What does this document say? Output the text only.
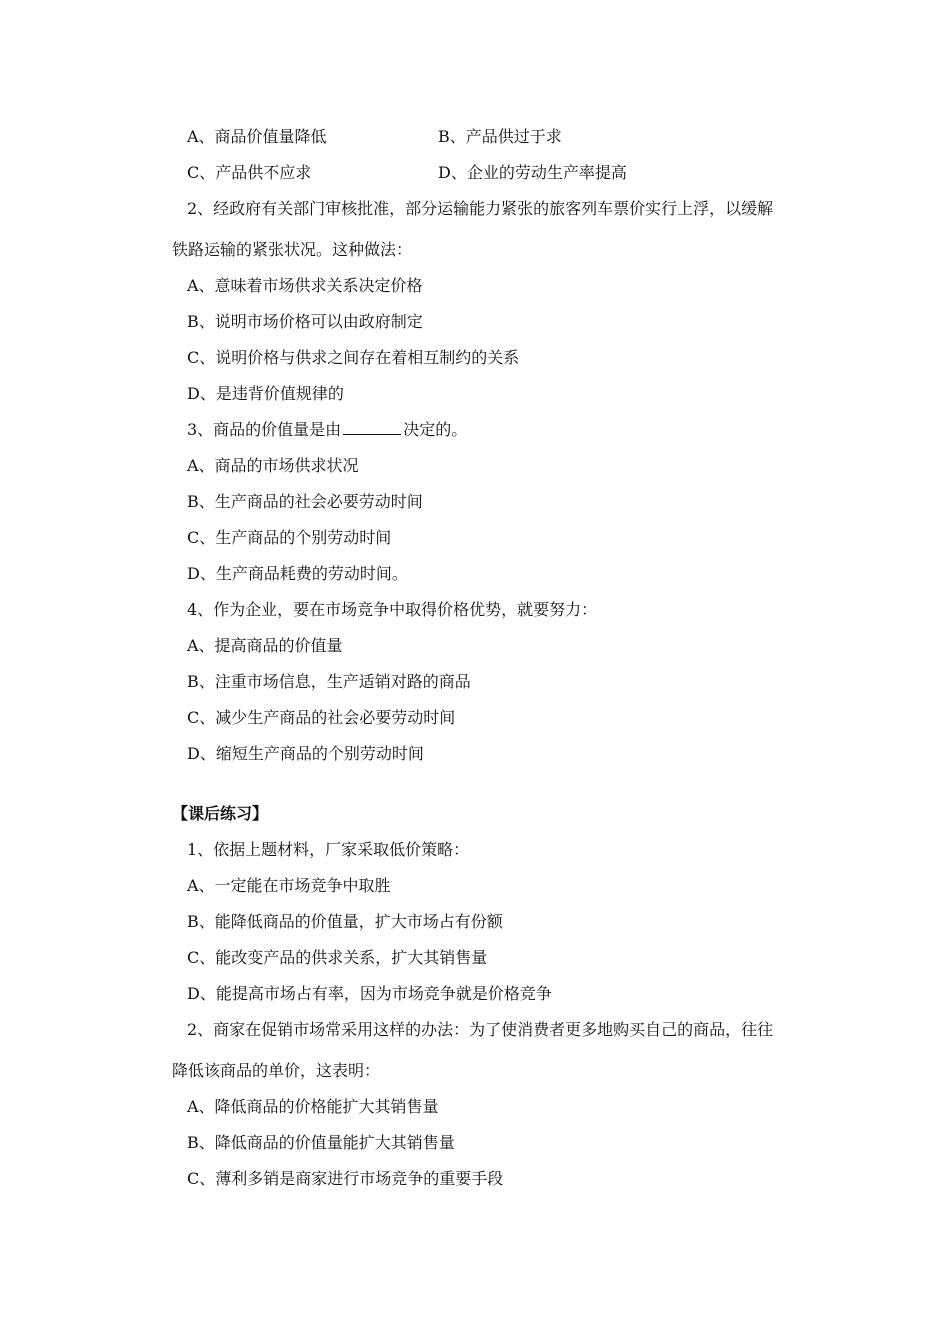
A、商品价值量降低	B、产品供过于求
C、产品供不应求	D、企业的劳动生产率提高
2、经政府有关部门审核批准，部分运输能力紧张的旅客列车票价实行上浮，以缓解
铁路运输的紧张状况。这种做法：
A、意味着市场供求关系决定价格
B、说明市场价格可以由政府制定
C、说明价格与供求之间存在着相互制约的关系
D、是违背价值规律的
3、商品的价值量是由	决定的。
A、商品的市场供求状况
B、生产商品的社会必要劳动时间
C、生产商品的个别劳动时间
D、生产商品耗费的劳动时间。
4、作为企业，要在市场竞争中取得价格优势，就要努力：
A、提高商品的价值量
B、注重市场信息，生产适销对路的商品
C、减少生产商品的社会必要劳动时间
D、缩短生产商品的个别劳动时间
【课后练习】
1、依据上题材料，厂家采取低价策略：
A、一定能在市场竞争中取胜
B、能降低商品的价值量，扩大市场占有份额
C、能改变产品的供求关系，扩大其销售量
D、能提高市场占有率，因为市场竞争就是价格竞争
2、商家在促销市场常采用这样的办法：为了使消费者更多地购买自己的商品，往往
降低该商品的单价，这表明：
A、降低商品的价格能扩大其销售量
B、降低商品的价值量能扩大其销售量
C、薄利多销是商家进行市场竞争的重要手段
